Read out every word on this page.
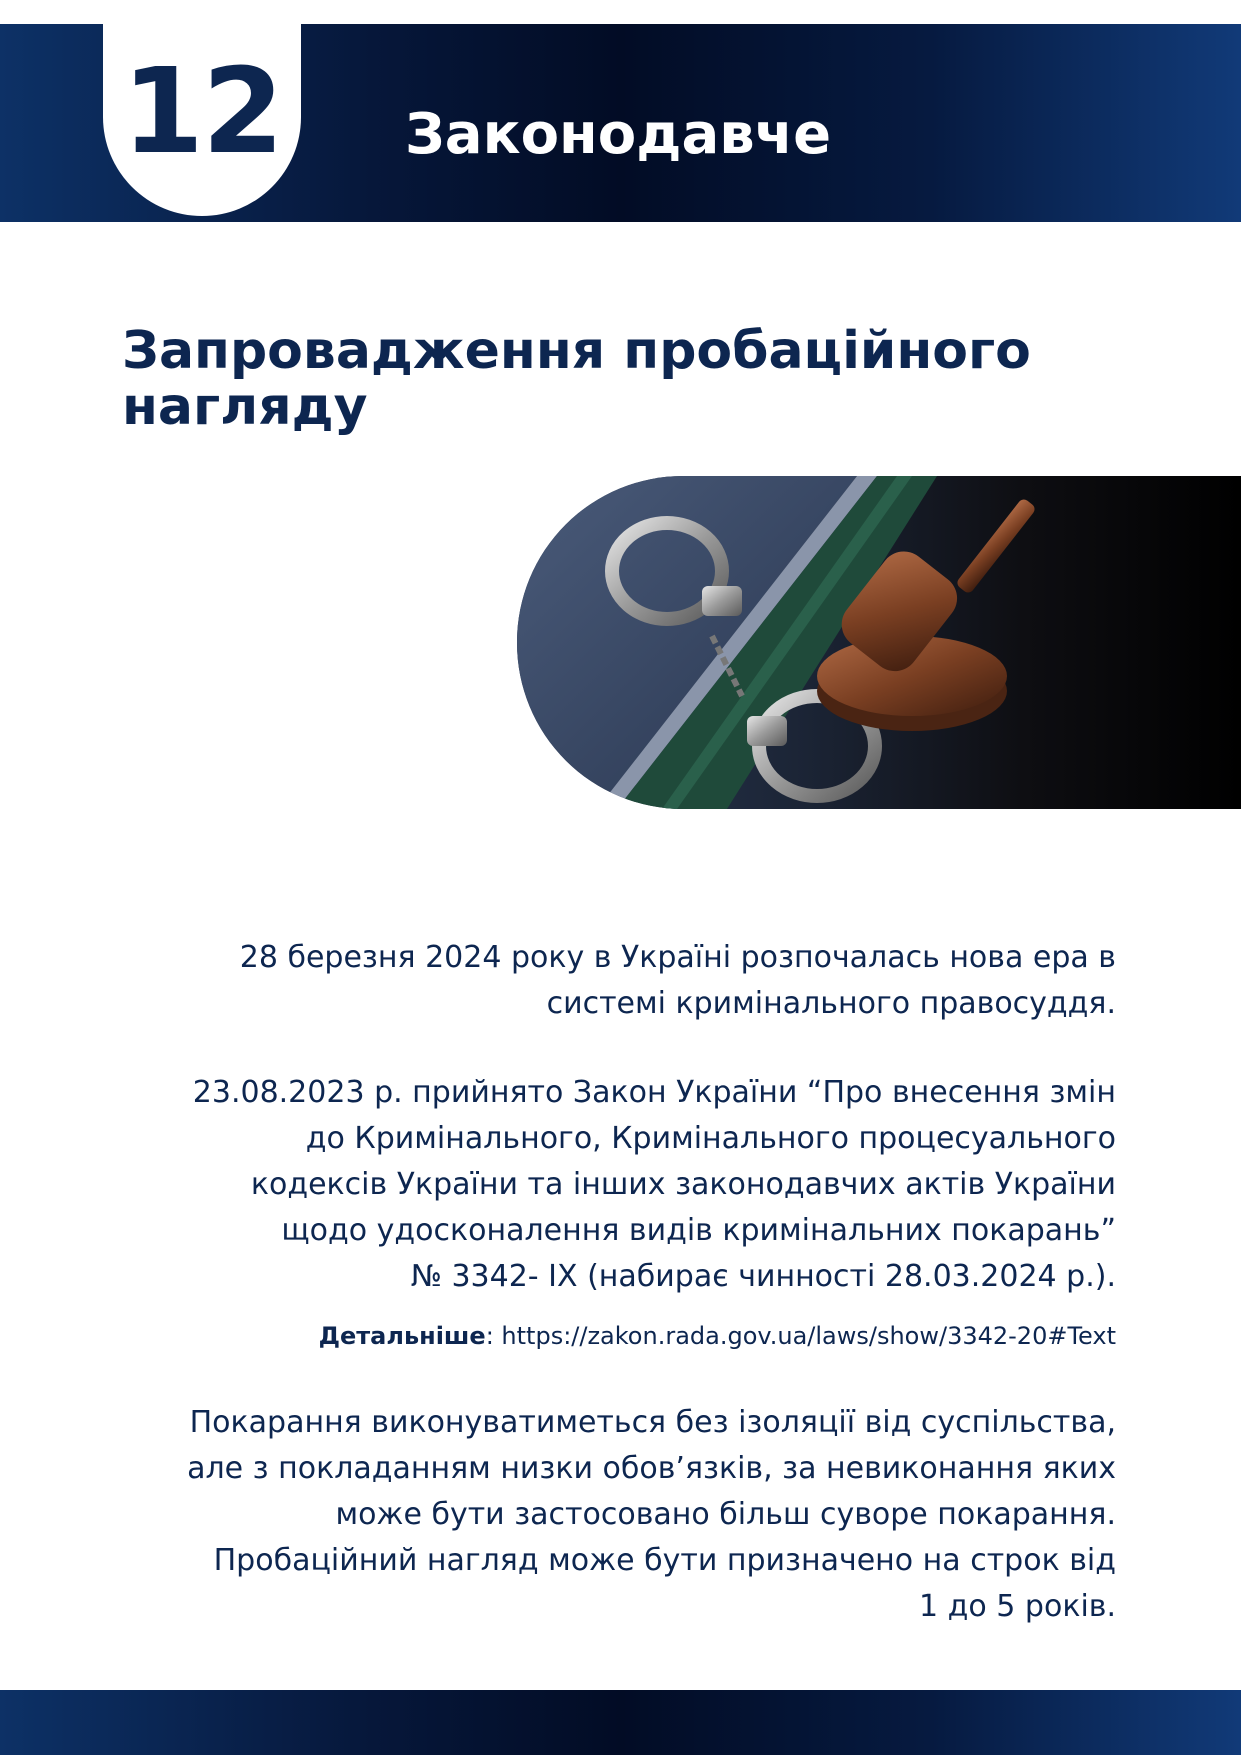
12 Законодавче
Запровадження пробаційного
нагляду

28 березня 2024 року в Україні розпочалась нова ера в

системі кримінального правосуддя.

23.08.2023 р. прийнято Закон України “Про внесення змін

до Кримінального, Кримінального процесуального

кодексів України та інших законодавчих актів України

щодо удосконалення видів кримінальних покарань”

№ 3342- IX (набирає чинності 28.03.2024 р.).

Детальніше: https://zakon.rada.gov.ua/laws/show/3342-20#Text

Покарання виконуватиметься без ізоляції від суспільства,

але з покладанням низки обов’язків, за невиконання яких

може бути застосовано більш суворе покарання.

Пробаційний нагляд може бути призначено на строк від

1 до 5 років.
